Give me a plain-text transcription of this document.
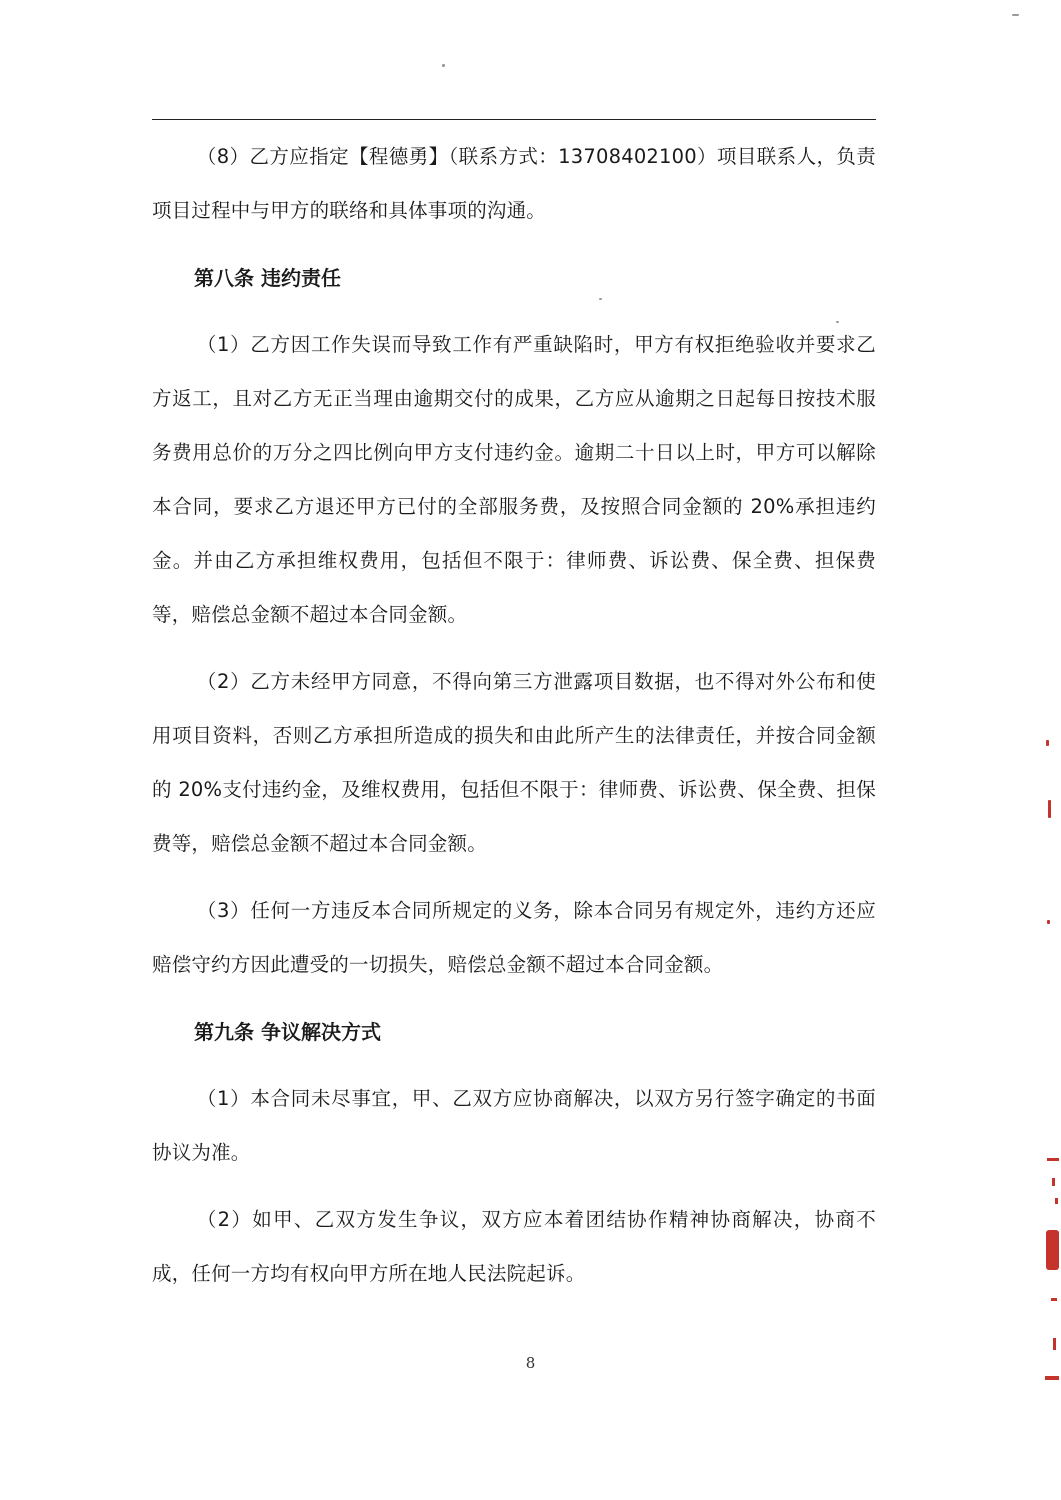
（8）乙方应指定【程德勇】（联系方式：13708402100）项目联系人，负责项目过程中与甲方的联络和具体事项的沟通。

第八条 违约责任

（1）乙方因工作失误而导致工作有严重缺陷时，甲方有权拒绝验收并要求乙方返工，且对乙方无正当理由逾期交付的成果，乙方应从逾期之日起每日按技术服务费用总价的万分之四比例向甲方支付违约金。逾期二十日以上时，甲方可以解除本合同，要求乙方退还甲方已付的全部服务费，及按照合同金额的 20%承担违约金。并由乙方承担维权费用，包括但不限于：律师费、诉讼费、保全费、担保费等，赔偿总金额不超过本合同金额。

（2）乙方未经甲方同意，不得向第三方泄露项目数据，也不得对外公布和使用项目资料，否则乙方承担所造成的损失和由此所产生的法律责任，并按合同金额的 20%支付违约金，及维权费用，包括但不限于：律师费、诉讼费、保全费、担保费等，赔偿总金额不超过本合同金额。

（3）任何一方违反本合同所规定的义务，除本合同另有规定外，违约方还应赔偿守约方因此遭受的一切损失，赔偿总金额不超过本合同金额。

第九条 争议解决方式

（1）本合同未尽事宜，甲、乙双方应协商解决，以双方另行签字确定的书面协议为准。

（2）如甲、乙双方发生争议，双方应本着团结协作精神协商解决，协商不成，任何一方均有权向甲方所在地人民法院起诉。

8
